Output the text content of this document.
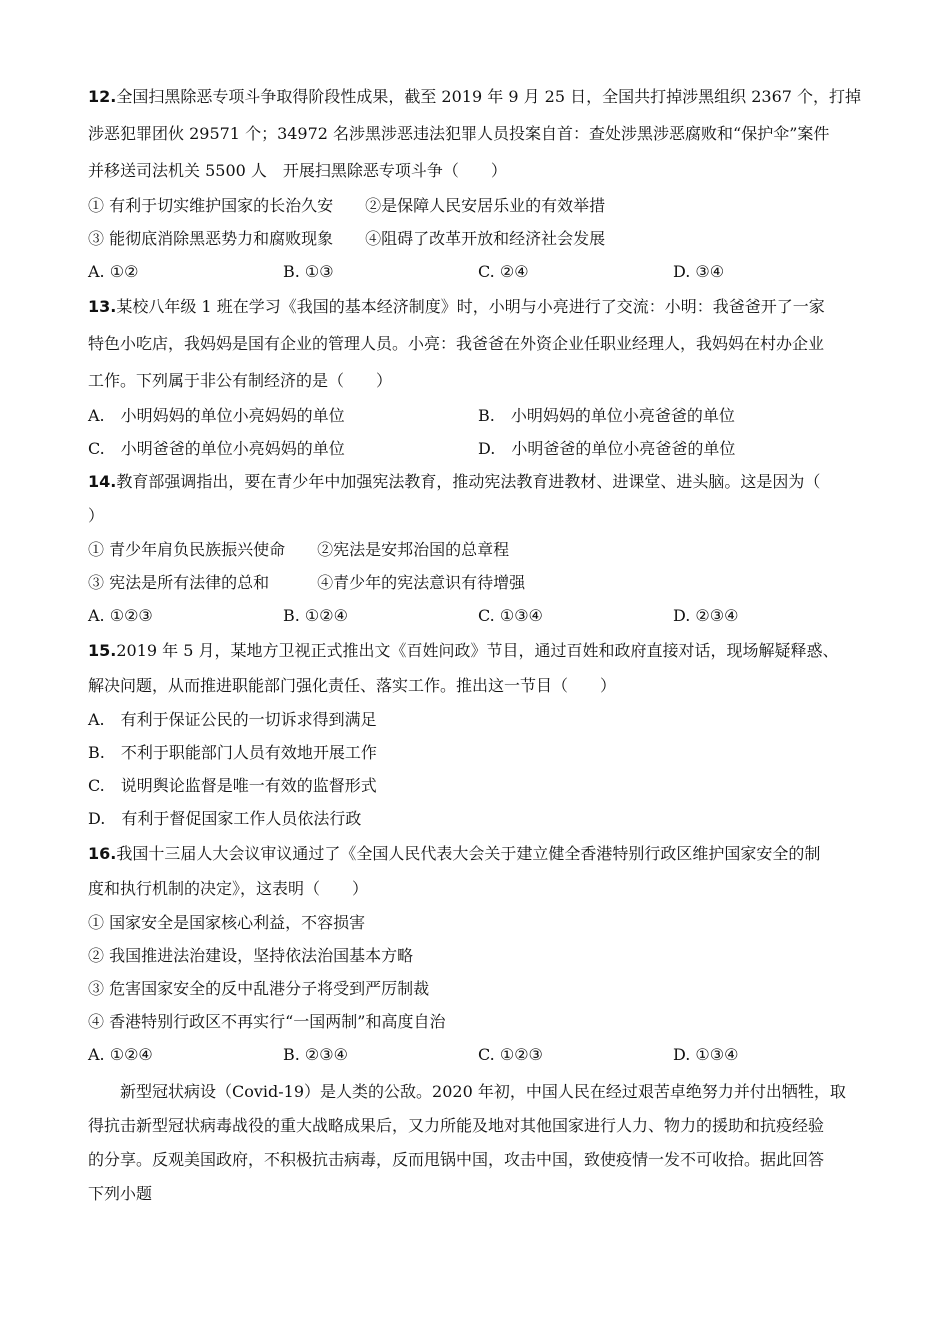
12.全国扫黑除恶专项斗争取得阶段性成果，截至 2019 年 9 月 25 日，全国共打掉涉黑组织 2367 个，打掉
涉恶犯罪团伙 29571 个；34972 名涉黑涉恶违法犯罪人员投案自首：查处涉黑涉恶腐败和“保护伞”案件
并移送司法机关 5500 人　开展扫黑除恶专项斗争（　　）
① 有利于切实维护国家的长治久安　　②是保障人民安居乐业的有效举措
③ 能彻底消除黑恶势力和腐败现象　　④阻碍了改革开放和经济社会发展
A. ①②	B. ①③	C. ②④	D. ③④
13.某校八年级 1 班在学习《我国的基本经济制度》时，小明与小亮进行了交流：小明：我爸爸开了一家
特色小吃店，我妈妈是国有企业的管理人员。小亮：我爸爸在外资企业任职业经理人，我妈妈在村办企业
工作。下列属于非公有制经济的是（　　）
A.　小明妈妈的单位小亮妈妈的单位	B.　小明妈妈的单位小亮爸爸的单位
C.　小明爸爸的单位小亮妈妈的单位	D.　小明爸爸的单位小亮爸爸的单位
14.教育部强调指出，要在青少年中加强宪法教育，推动宪法教育进教材、进课堂、进头脑。这是因为（
）
① 青少年肩负民族振兴使命　　②宪法是安邦治国的总章程
③ 宪法是所有法律的总和　　　④青少年的宪法意识有待增强
A. ①②③	B. ①②④	C. ①③④	D. ②③④
15.2019 年 5 月，某地方卫视正式推出文《百姓问政》节目，通过百姓和政府直接对话，现场解疑释惑、
解决问题，从而推进职能部门强化责任、落实工作。推出这一节目（　　）
A.　有利于保证公民的一切诉求得到满足
B.　不利于职能部门人员有效地开展工作
C.　说明舆论监督是唯一有效的监督形式
D.　有利于督促国家工作人员依法行政
16.我国十三届人大会议审议通过了《全国人民代表大会关于建立健全香港特别行政区维护国家安全的制
度和执行机制的决定》，这表明（　　）
① 国家安全是国家核心利益，不容损害
② 我国推进法治建设，坚持依法治国基本方略
③ 危害国家安全的反中乱港分子将受到严厉制裁
④ 香港特别行政区不再实行“一国两制”和高度自治
A. ①②④	B. ②③④	C. ①②③	D. ①③④
新型冠状病设（Covid-19）是人类的公敌。2020 年初，中国人民在经过艰苦卓绝努力并付出牺牲，取
得抗击新型冠状病毒战役的重大战略成果后，又力所能及地对其他国家进行人力、物力的援助和抗疫经验
的分享。反观美国政府，不积极抗击病毒，反而甩锅中国，攻击中国，致使疫情一发不可收拾。据此回答
下列小题
